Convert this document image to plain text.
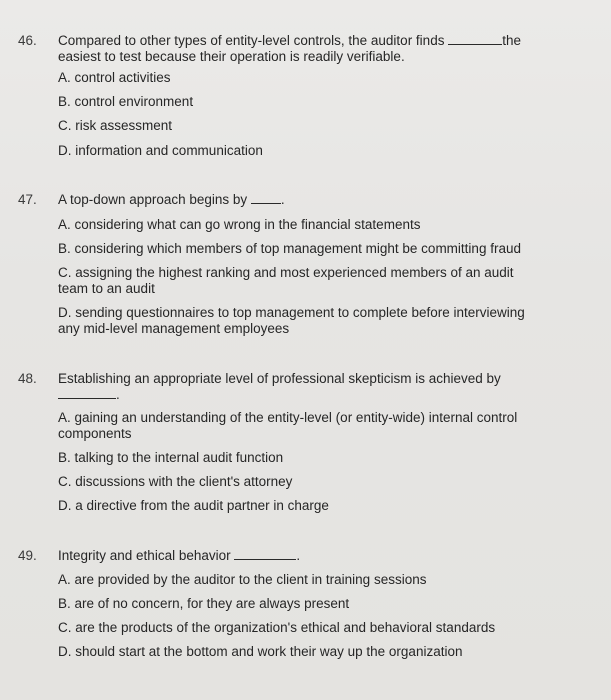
46. Compared to other types of entity-level controls, the auditor finds	the
easiest to test because their operation is readily verifiable.
A. control activities
B. control environment
C. risk assessment
D. information and communication
47. A top-down approach begins by	.
A. considering what can go wrong in the financial statements
B. considering which members of top management might be committing fraud
C. assigning the highest ranking and most experienced members of an audit team to an audit
D. sending questionnaires to top management to complete before interviewing any mid-level management employees
48. Establishing an appropriate level of professional skepticism is achieved by
.
A. gaining an understanding of the entity-level (or entity-wide) internal control components
B. talking to the internal audit function
C. discussions with the client's attorney
D. a directive from the audit partner in charge
49. Integrity and ethical behavior	.
A. are provided by the auditor to the client in training sessions
B. are of no concern, for they are always present
C. are the products of the organization's ethical and behavioral standards
D. should start at the bottom and work their way up the organization
